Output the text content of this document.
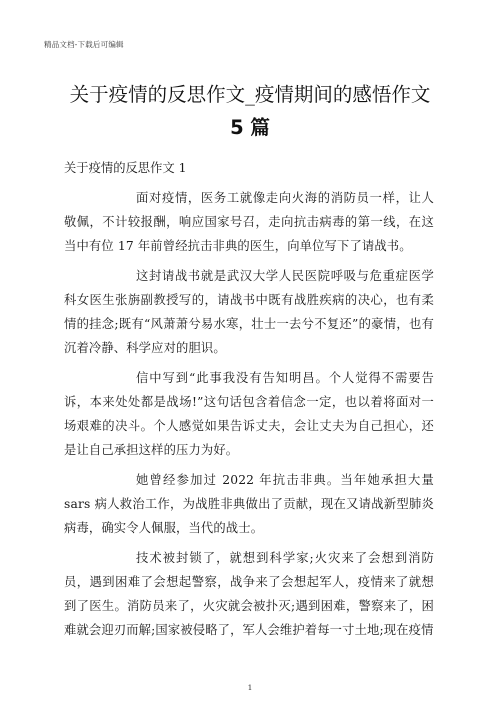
精品文档-下载后可编辑
关于疫情的反思作文_疫情期间的感悟作文
5 篇

关于疫情的反思作文 1

面对疫情，医务工就像走向火海的消防员一样，让人敬佩，不计较报酬，响应国家号召，走向抗击病毒的第一线，在这当中有位 17 年前曾经抗击非典的医生，向单位写下了请战书。

这封请战书就是武汉大学人民医院呼吸与危重症医学科女医生张旃副教授写的，请战书中既有战胜疾病的决心，也有柔情的挂念;既有“风萧萧兮易水寒，壮士一去兮不复还”的豪情，也有沉着冷静、科学应对的胆识。

信中写到“此事我没有告知明昌。个人觉得不需要告诉，本来处处都是战场!”这句话包含着信念一定，也以着将面对一场艰难的决斗。个人感觉如果告诉丈夫，会让丈夫为自己担心，还是让自己承担这样的压力为好。

她曾经参加过 2022 年抗击非典。当年她承担大量 sars 病人救治工作，为战胜非典做出了贡献，现在又请战新型肺炎病毒，确实令人佩服，当代的战士。

技术被封锁了，就想到科学家;火灾来了会想到消防员，遇到困难了会想起警察，战争来了会想起军人，疫情来了就想到了医生。消防员来了，火灾就会被扑灭;遇到困难，警察来了，困难就会迎刃而解;国家被侵略了，军人会维护着每一寸土地;现在疫情

1
